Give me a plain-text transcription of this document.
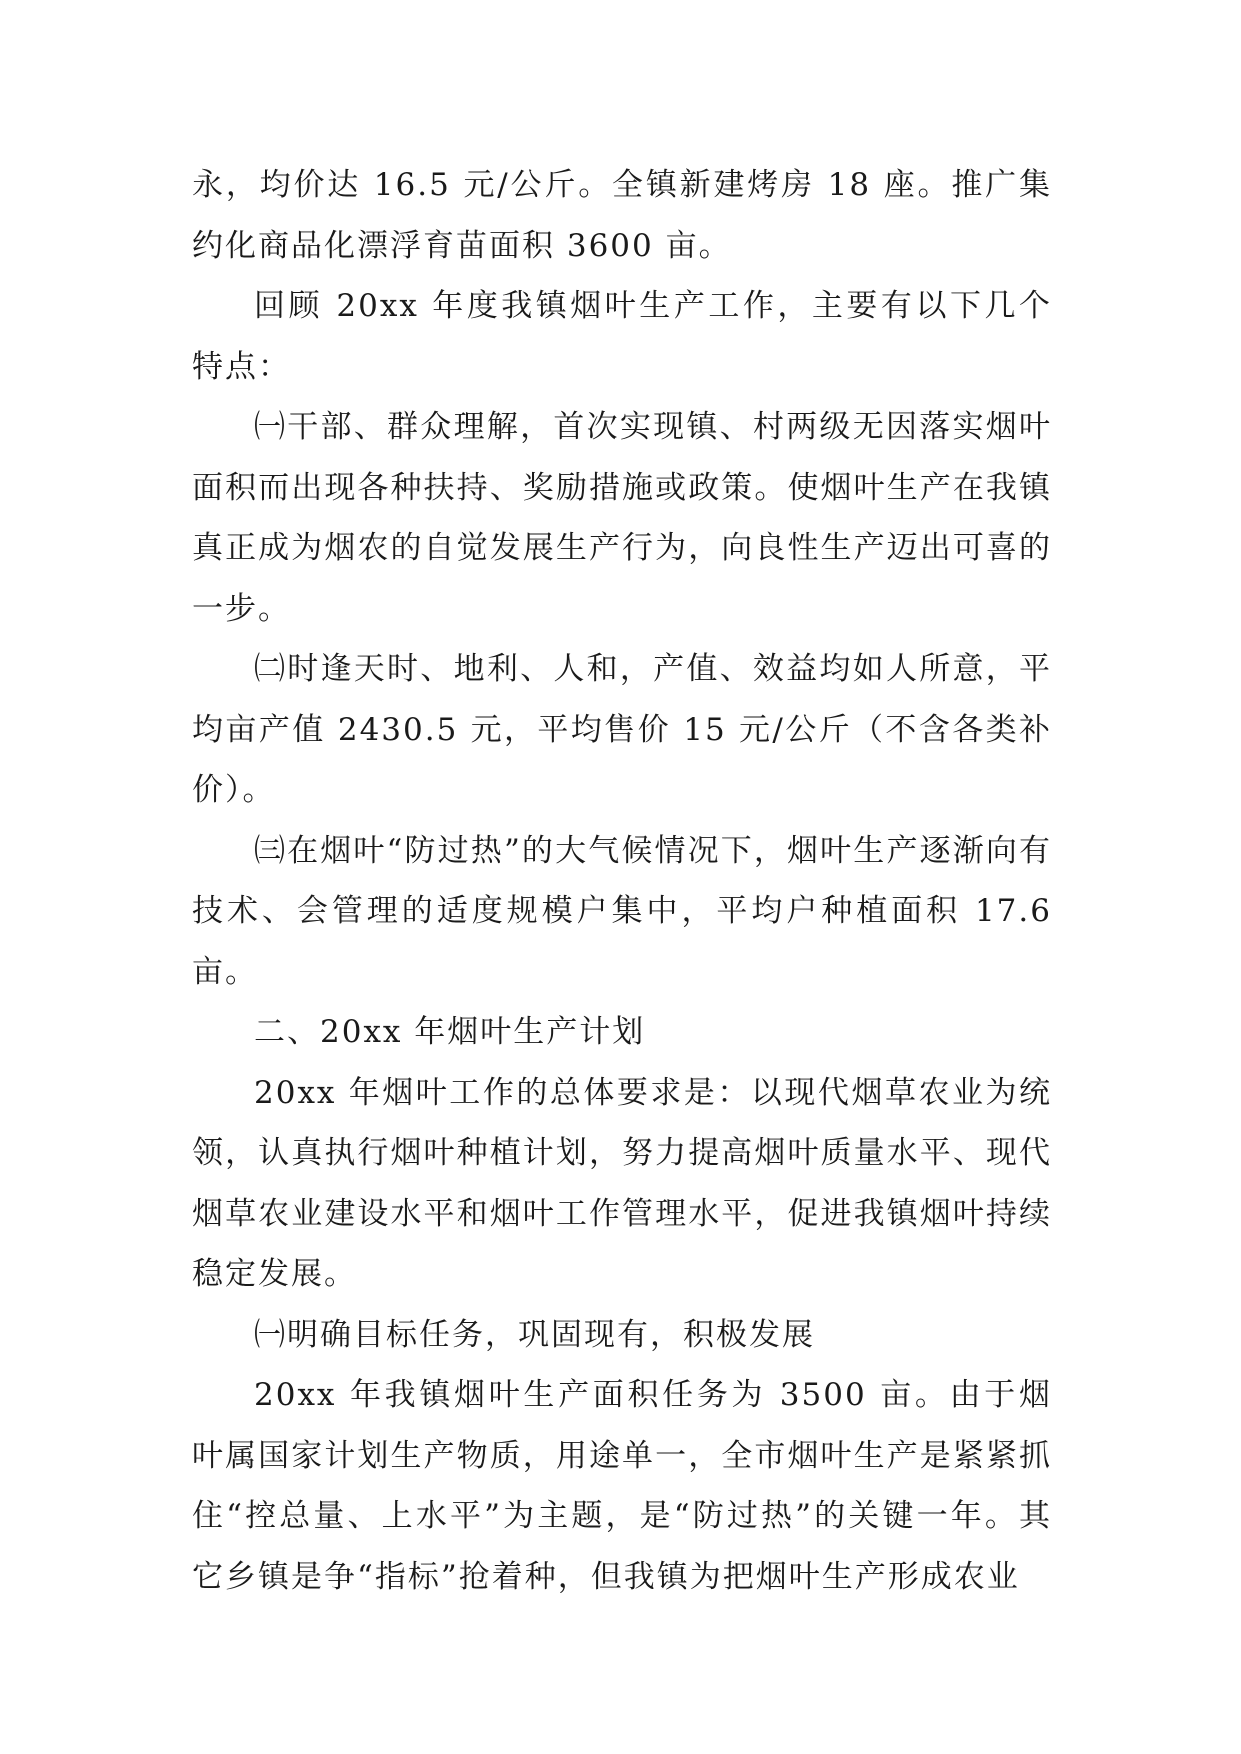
永，均价达 16.5 元/公斤。全镇新建烤房 18 座。推广集约化商品化漂浮育苗面积 3600 亩。

回顾 20xx 年度我镇烟叶生产工作，主要有以下几个特点：

㈠干部、群众理解，首次实现镇、村两级无因落实烟叶面积而出现各种扶持、奖励措施或政策。使烟叶生产在我镇真正成为烟农的自觉发展生产行为，向良性生产迈出可喜的一步。

㈡时逢天时、地利、人和，产值、效益均如人所意，平均亩产值 2430.5 元，平均售价 15 元/公斤（不含各类补价）。

㈢在烟叶“防过热”的大气候情况下，烟叶生产逐渐向有技术、会管理的适度规模户集中，平均户种植面积 17.6 亩。

二、20xx 年烟叶生产计划

20xx 年烟叶工作的总体要求是：以现代烟草农业为统领，认真执行烟叶种植计划，努力提高烟叶质量水平、现代烟草农业建设水平和烟叶工作管理水平，促进我镇烟叶持续稳定发展。

㈠明确目标任务，巩固现有，积极发展

20xx 年我镇烟叶生产面积任务为 3500 亩。由于烟叶属国家计划生产物质，用途单一，全市烟叶生产是紧紧抓住“控总量、上水平”为主题，是“防过热”的关键一年。其它乡镇是争“指标”抢着种，但我镇为把烟叶生产形成农业
